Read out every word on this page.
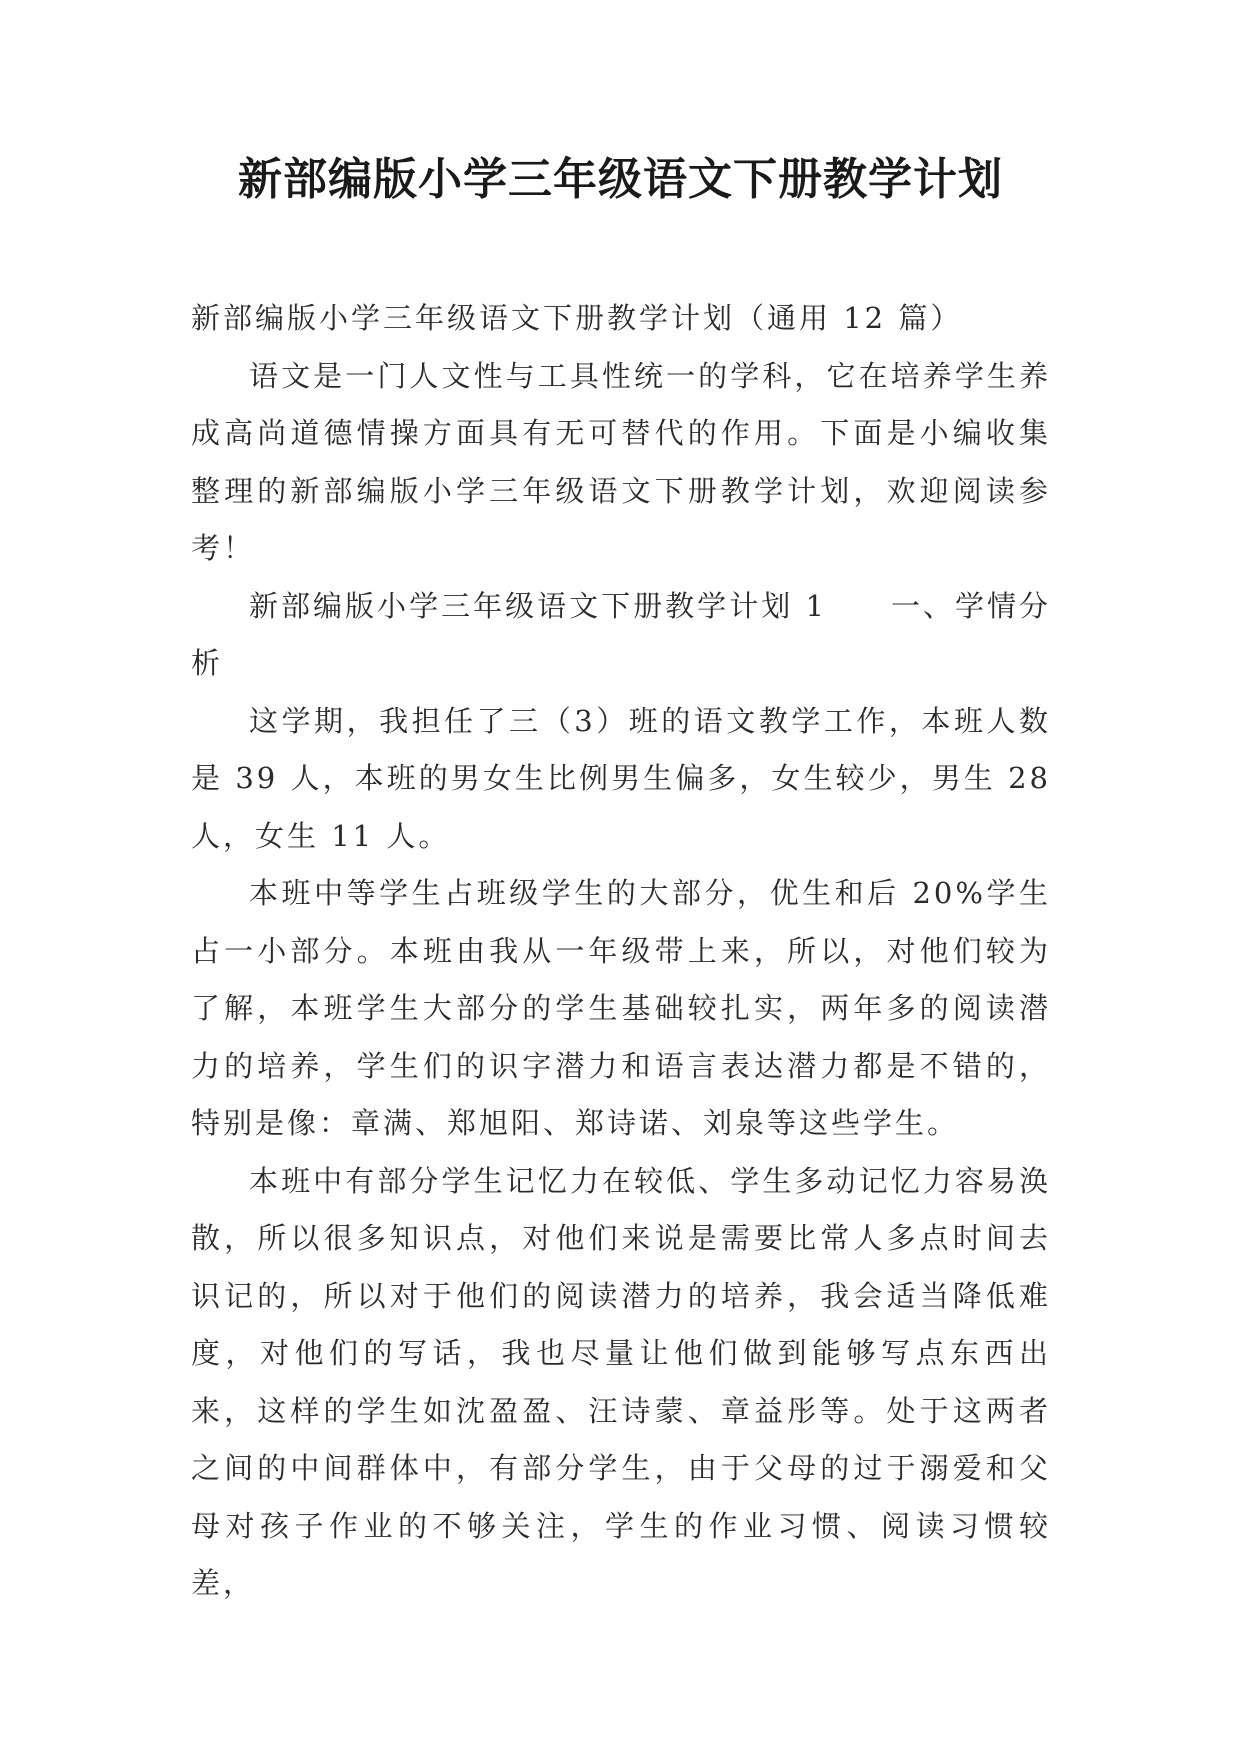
新部编版小学三年级语文下册教学计划

新部编版小学三年级语文下册教学计划（通用 12 篇）

语文是一门人文性与工具性统一的学科，它在培养学生养成高尚道德情操方面具有无可替代的作用。下面是小编收集整理的新部编版小学三年级语文下册教学计划，欢迎阅读参考！

新部编版小学三年级语文下册教学计划 1　　一、学情分析

这学期，我担任了三（3）班的语文教学工作，本班人数是 39 人，本班的男女生比例男生偏多，女生较少，男生 28 人，女生 11 人。

本班中等学生占班级学生的大部分，优生和后 20%学生占一小部分。本班由我从一年级带上来，所以，对他们较为了解，本班学生大部分的学生基础较扎实，两年多的阅读潜力的培养，学生们的识字潜力和语言表达潜力都是不错的，特别是像：章满、郑旭阳、郑诗诺、刘泉等这些学生。

本班中有部分学生记忆力在较低、学生多动记忆力容易涣散，所以很多知识点，对他们来说是需要比常人多点时间去识记的，所以对于他们的阅读潜力的培养，我会适当降低难度，对他们的写话，我也尽量让他们做到能够写点东西出来，这样的学生如沈盈盈、汪诗蒙、章益彤等。处于这两者之间的中间群体中，有部分学生，由于父母的过于溺爱和父母对孩子作业的不够关注，学生的作业习惯、阅读习惯较差，
